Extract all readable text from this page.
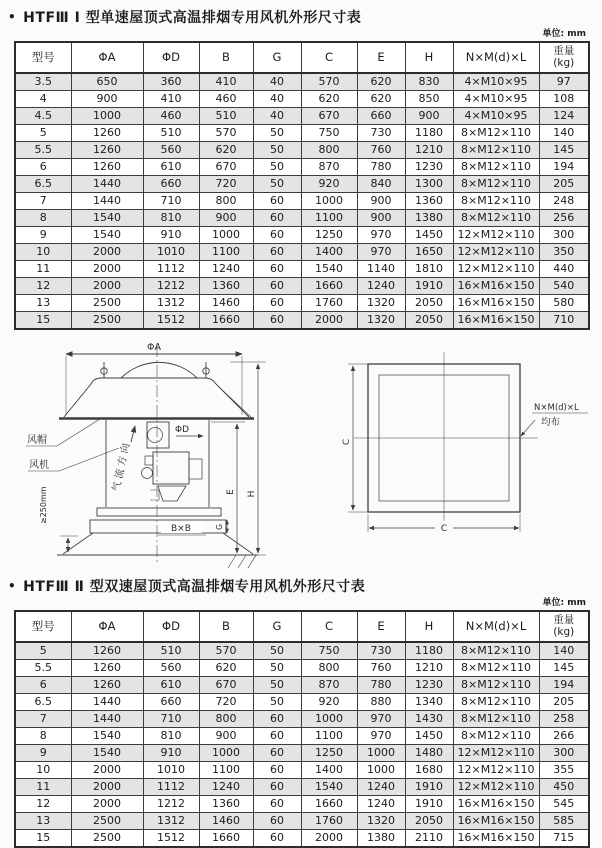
• HTFⅢ Ⅰ 型单速屋顶式高温排烟专用风机外形尺寸表
单位: mm
型号	ΦA	ΦD	B	G	C	E	H	N×M(d)×L	重量
(kg)

3.5	650	360	410	40	570	620	830	4×M10×95	97
4	900	410	460	40	620	620	850	4×M10×95	108
4.5	1000	460	510	40	670	660	900	4×M10×95	124
5	1260	510	570	50	750	730	1180	8×M12×110	140
5.5	1260	560	620	50	800	760	1210	8×M12×110	145
6	1260	610	670	50	870	780	1230	8×M12×110	194
6.5	1440	660	720	50	920	840	1300	8×M12×110	205
7	1440	710	800	60	1000	900	1360	8×M12×110	248
8	1540	810	900	60	1100	900	1380	8×M12×110	256
9	1540	910	1000	60	1250	970	1450	12×M12×110	300
10	2000	1010	1100	60	1400	970	1650	12×M12×110	350
11	2000	1112	1240	60	1540	1140	1810	12×M12×110	440
12	2000	1212	1360	60	1660	1240	1910	16×M16×150	540
13	2500	1312	1460	60	1760	1320	2050	16×M16×150	580
15	2500	1512	1660	60	2000	1320	2050	16×M16×150	710
ΦA
ΦD
风帽
风机
≥250mm
气流方向	E H
G
B×B
C
C
N×M(d)×L
均布
• HTFⅢ Ⅱ 型双速屋顶式高温排烟专用风机外形尺寸表
单位: mm
型号	ΦA	ΦD	B	G	C	E	H	N×M(d)×L	重量
(kg)

5	1260	510	570	50	750	730	1180	8×M12×110	140
5.5	1260	560	620	50	800	760	1210	8×M12×110	145
6	1260	610	670	50	870	780	1230	8×M12×110	194
6.5	1440	660	720	50	920	880	1340	8×M12×110	205
7	1440	710	800	60	1000	970	1430	8×M12×110	258
8	1540	810	900	60	1100	970	1450	8×M12×110	266
9	1540	910	1000	60	1250	1000	1480	12×M12×110	300
10	2000	1010	1100	60	1400	1000	1680	12×M12×110	355
11	2000	1112	1240	60	1540	1240	1910	12×M12×110	450
12	2000	1212	1360	60	1660	1240	1910	16×M16×150	545
13	2500	1312	1460	60	1760	1320	2050	16×M16×150	585
15	2500	1512	1660	60	2000	1380	2110	16×M16×150	715
